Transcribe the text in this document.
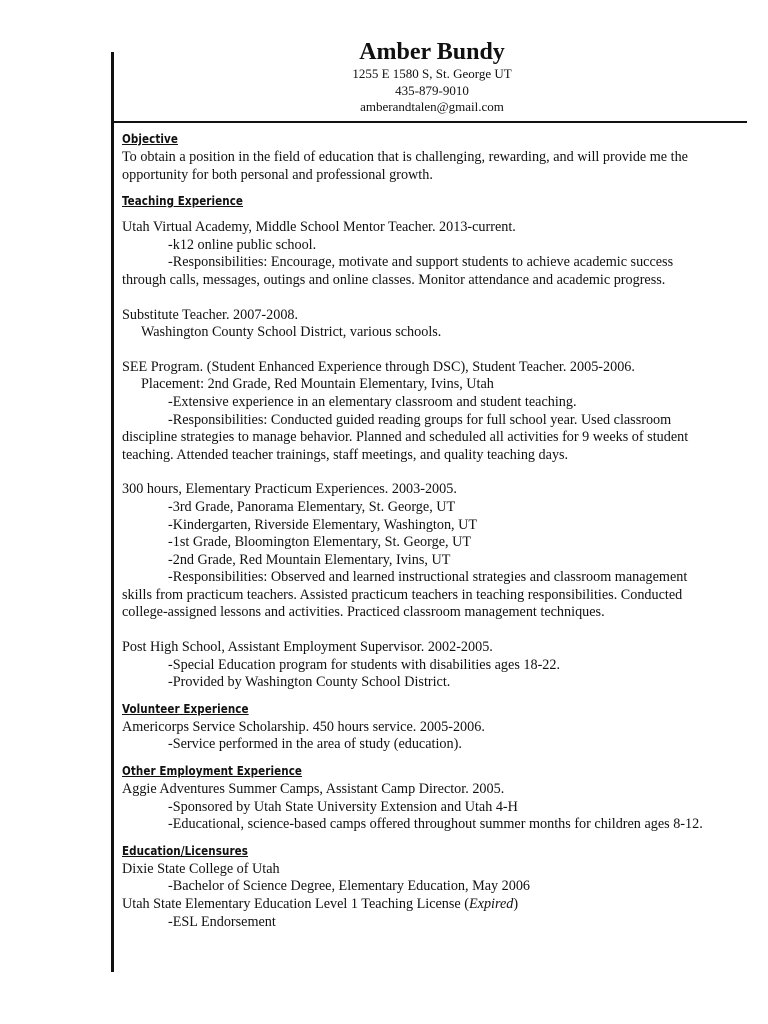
Amber Bundy
1255 E 1580 S, St. George UT
435-879-9010
amberandtalen@gmail.com
Objective

To obtain a position in the field of education that is challenging, rewarding, and will provide me the opportunity for both personal and professional growth.

Teaching Experience

Utah Virtual Academy, Middle School Mentor Teacher. 2013-current.

-k12 online public school.

-Responsibilities: Encourage, motivate and support students to achieve academic success

through calls, messages, outings and online classes. Monitor attendance and academic progress.

Substitute Teacher. 2007-2008.

Washington County School District, various schools.

SEE Program. (Student Enhanced Experience through DSC), Student Teacher. 2005-2006.

Placement: 2nd Grade, Red Mountain Elementary, Ivins, Utah

-Extensive experience in an elementary classroom and student teaching.

-Responsibilities: Conducted guided reading groups for full school year. Used classroom

discipline strategies to manage behavior. Planned and scheduled all activities for 9 weeks of student

teaching. Attended teacher trainings, staff meetings, and quality teaching days.

300 hours, Elementary Practicum Experiences. 2003-2005.

-3rd Grade, Panorama Elementary, St. George, UT

-Kindergarten, Riverside Elementary, Washington, UT

-1st Grade, Bloomington Elementary, St. George, UT

-2nd Grade, Red Mountain Elementary, Ivins, UT

-Responsibilities: Observed and learned instructional strategies and classroom management

skills from practicum teachers. Assisted practicum teachers in teaching responsibilities. Conducted

college-assigned lessons and activities. Practiced classroom management techniques.

Post High School, Assistant Employment Supervisor. 2002-2005.

-Special Education program for students with disabilities ages 18-22.

-Provided by Washington County School District.

Volunteer Experience

Americorps Service Scholarship. 450 hours service. 2005-2006.

-Service performed in the area of study (education).

Other Employment Experience

Aggie Adventures Summer Camps, Assistant Camp Director. 2005.

-Sponsored by Utah State University Extension and Utah 4-H

-Educational, science-based camps offered throughout summer months for children ages 8-12.

Education/Licensures

Dixie State College of Utah

-Bachelor of Science Degree, Elementary Education, May 2006

Utah State Elementary Education Level 1 Teaching License (Expired)

-ESL Endorsement
